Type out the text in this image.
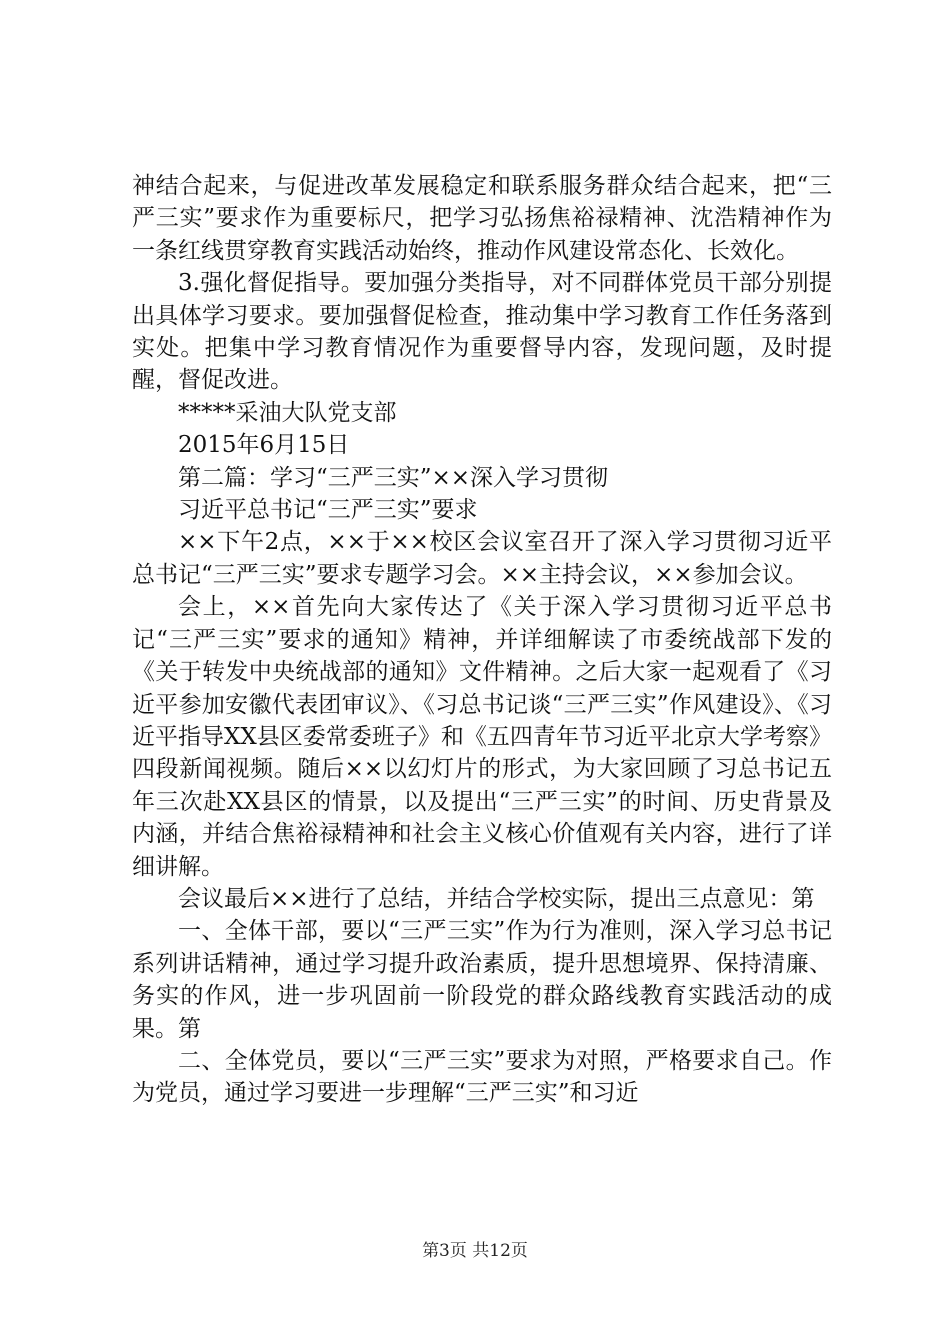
神结合起来，与促进改革发展稳定和联系服务群众结合起来，把“三严三实”要求作为重要标尺，把学习弘扬焦裕禄精神、沈浩精神作为一条红线贯穿教育实践活动始终，推动作风建设常态化、长效化。

3.强化督促指导。要加强分类指导，对不同群体党员干部分别提出具体学习要求。要加强督促检查，推动集中学习教育工作任务落到实处。把集中学习教育情况作为重要督导内容，发现问题，及时提醒，督促改进。

*****采油大队党支部

2015年6月15日

第二篇：学习“三严三实”××深入学习贯彻

习近平总书记“三严三实”要求

××下午2点，××于××校区会议室召开了深入学习贯彻习近平总书记“三严三实”要求专题学习会。××主持会议，××参加会议。

会上，××首先向大家传达了《关于深入学习贯彻习近平总书记“三严三实”要求的通知》精神，并详细解读了市委统战部下发的《关于转发中央统战部的通知》文件精神。之后大家一起观看了《习近平参加安徽代表团审议》、《习总书记谈“三严三实”作风建设》、《习近平指导XX县区委常委班子》和《五四青年节习近平北京大学考察》四段新闻视频。随后××以幻灯片的形式，为大家回顾了习总书记五年三次赴XX县区的情景，以及提出“三严三实”的时间、历史背景及内涵，并结合焦裕禄精神和社会主义核心价值观有关内容，进行了详细讲解。

会议最后××进行了总结，并结合学校实际，提出三点意见：第

一、全体干部，要以“三严三实”作为行为准则，深入学习总书记系列讲话精神，通过学习提升政治素质，提升思想境界、保持清廉、务实的作风，进一步巩固前一阶段党的群众路线教育实践活动的成果。第

二、全体党员，要以“三严三实”要求为对照，严格要求自己。作为党员，通过学习要进一步理解“三严三实”和习近

第3页 共12页
